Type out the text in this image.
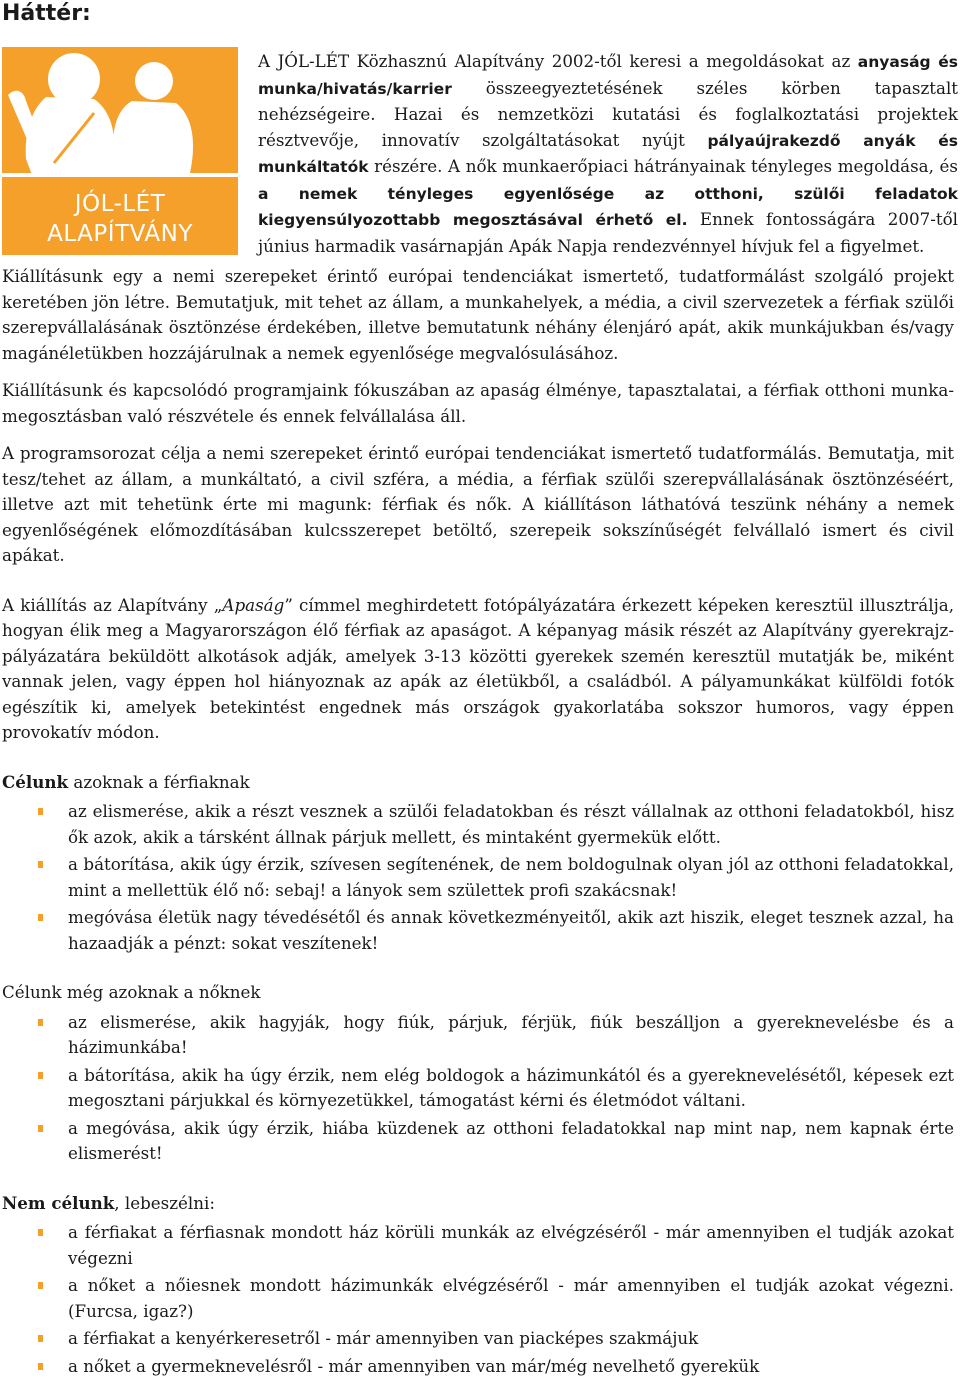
Háttér:
JÓL-LÉT
ALAPÍTVÁNY

A JÓL-LÉT Közhasznú Alapítvány 2002-től keresi a megoldásokat az anyaság és munka/hivatás/karrier összeegyeztetésének széles körben tapasztalt nehézségeire. Hazai és nemzetközi kutatási és foglalkoztatási projektek résztvevője, innovatív szolgáltatásokat nyújt pályaújrakezdő anyák és munkáltatók részére. A nők munkaerőpiaci hátrányainak tényleges megoldása, és a nemek tényleges egyenlősége az otthoni, szülői feladatok kiegyensúlyozottabb megosztásával érhető el. Ennek fontosságára 2007-től június harmadik vasárnapján Apák Napja rendezvénnyel hívjuk fel a figyelmet.

Kiállításunk egy a nemi szerepeket érintő európai tendenciákat ismertető, tudatformálást szolgáló projekt keretében jön létre. Bemutatjuk, mit tehet az állam, a munkahelyek, a média, a civil szervezetek a férfiak szülői szerepvállalásának ösztönzése érdekében, illetve bemutatunk néhány élenjáró apát, akik munkájukban és/vagy magánéletükben hozzájárulnak a nemek egyenlősége megvalósulásához.

Kiállításunk és kapcsolódó programjaink fókuszában az apaság élménye, tapasztalatai, a férfiak otthoni munka-megosztásban való részvétele és ennek felvállalása áll.

A programsorozat célja a nemi szerepeket érintő európai tendenciákat ismertető tudatformálás. Bemutatja, mit tesz/tehet az állam, a munkáltató, a civil szféra, a média, a férfiak szülői szerepvállalásának ösztönzéséért, illetve azt mit tehetünk érte mi magunk: férfiak és nők. A kiállításon láthatóvá teszünk néhány a nemek egyenlőségének előmozdításában kulcsszerepet betöltő, szerepeik sokszínűségét felvállaló ismert és civil apákat.

A kiállítás az Alapítvány „Apaság” címmel meghirdetett fotópályázatára érkezett képeken keresztül illusztrálja, hogyan élik meg a Magyarországon élő férfiak az apaságot. A képanyag másik részét az Alapítvány gyerekrajz-pályázatára beküldött alkotások adják, amelyek 3-13 közötti gyerekek szemén keresztül mutatják be, miként vannak jelen, vagy éppen hol hiányoznak az apák az életükből, a családból. A pályamunkákat külföldi fotók egészítik ki, amelyek betekintést engednek más országok gyakorlatába sokszor humoros, vagy éppen provokatív módon.

Célunk azoknak a férfiaknak

az elismerése, akik a részt vesznek a szülői feladatokban és részt vállalnak az otthoni feladatokból, hisz ők azok, akik a társként állnak párjuk mellett, és mintaként gyermekük előtt.
a bátorítása, akik úgy érzik, szívesen segítenének, de nem boldogulnak olyan jól az otthoni feladatokkal, mint a mellettük élő nő: sebaj! a lányok sem születtek profi szakácsnak!
megóvása életük nagy tévedésétől és annak következményeitől, akik azt hiszik, eleget tesznek azzal, ha hazaadják a pénzt: sokat veszítenek!

Célunk még azoknak a nőknek

az elismerése, akik hagyják, hogy fiúk, párjuk, férjük, fiúk beszálljon a gyereknevelésbe és a házimunkába!
a bátorítása, akik ha úgy érzik, nem elég boldogok a házimunkától és a gyereknevelésétől, képesek ezt megosztani párjukkal és környezetükkel, támogatást kérni és életmódot váltani.
a megóvása, akik úgy érzik, hiába küzdenek az otthoni feladatokkal nap mint nap, nem kapnak érte elismerést!

Nem célunk, lebeszélni:

a férfiakat a férfiasnak mondott ház körüli munkák az elvégzéséről - már amennyiben el tudják azokat végezni
a nőket a nőiesnek mondott házimunkák elvégzéséről - már amennyiben el tudják azokat végezni. (Furcsa, igaz?)
a férfiakat a kenyérkeresetről - már amennyiben van piacképes szakmájuk
a nőket a gyermeknevelésről - már amennyiben van már/még nevelhető gyerekük
